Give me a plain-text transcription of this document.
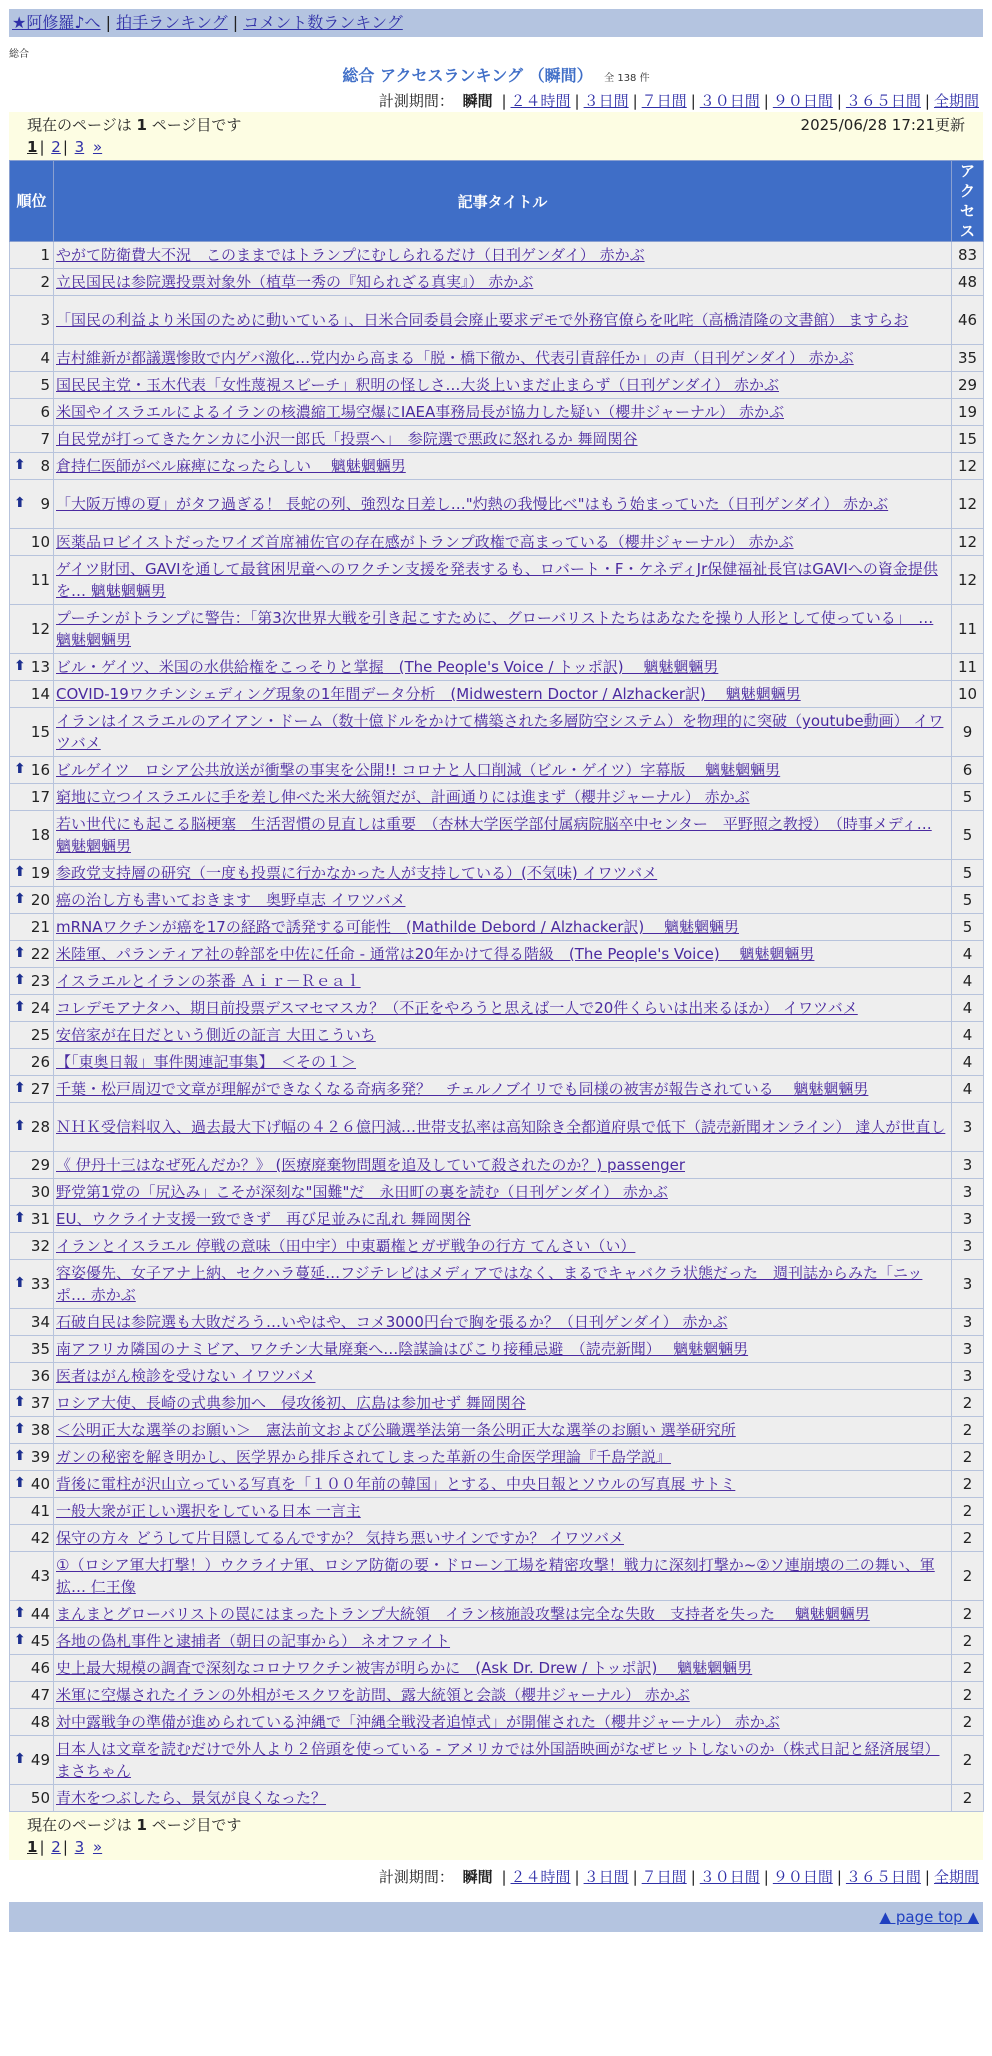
★阿修羅♪へ | 拍手ランキング | コメント数ランキング
総合
総合 アクセスランキング （瞬間） 全 138 件
計測期間： 瞬間 | ２４時間 | ３日間 | ７日間 | ３０日間 | ９０日間 | ３６５日間 | 全期間
現在のページは 1 ページ目です	2025/06/28 17:21更新
1 | 2 | 3 »
順位	記事タイトル	アクセス
1	やがて防衛費大不況　このままではトランプにむしられるだけ（日刊ゲンダイ） 赤かぶ	83
2	立民国民は参院選投票対象外（植草一秀の『知られざる真実』） 赤かぶ	48
3	「国民の利益より米国のために動いている」、日米合同委員会廃止要求デモで外務官僚らを叱咤（高橋清隆の文書館） ますらお	46
4	吉村維新が都議選惨敗で内ゲバ激化…党内から高まる「脱・橋下徹か、代表引責辞任か」の声（日刊ゲンダイ） 赤かぶ	35
5	国民民主党・玉木代表「女性蔑視スピーチ」釈明の怪しさ…大炎上いまだ止まらず（日刊ゲンダイ） 赤かぶ	29
6	米国やイスラエルによるイランの核濃縮工場空爆にIAEA事務局長が協力した疑い（櫻井ジャーナル） 赤かぶ	19
7	自民党が打ってきたケンカに小沢一郎氏「投票へ」　参院選で悪政に怒れるか 舞岡関谷	15

⬆ 8	倉持仁医師がベル麻痺になったらしい　 魑魅魍魎男	12

⬆ 9	「大阪万博の夏」がタフ過ぎる！ 長蛇の列、強烈な日差し…"灼熱の我慢比べ"はもう始まっていた（日刊ゲンダイ） 赤かぶ	12
10	医薬品ロビイストだったワイズ首席補佐官の存在感がトランプ政権で高まっている（櫻井ジャーナル） 赤かぶ	12
11	ゲイツ財団、GAVIを通して最貧困児童へのワクチン支援を発表するも、ロバート・F・ケネディJr保健福祉長官はGAVIへの資金提供を… 魑魅魍魎男	12
12	プーチンがトランプに警告：「第3次世界大戦を引き起こすために、グローバリストたちはあなたを操り人形として使っている」　… 魑魅魍魎男	11

⬆ 13	ビル・ゲイツ、米国の水供給権をこっそりと掌握　(The People's Voice / トッポ訳)　 魑魅魍魎男	11
14	COVID-19ワクチンシェディング現象の1年間データ分析　(Midwestern Doctor / Alzhacker訳)　 魑魅魍魎男	10
15	イランはイスラエルのアイアン・ドーム（数十億ドルをかけて構築された多層防空システム）を物理的に突破（youtube動画） イワツバメ	9

⬆ 16	ビルゲイツ　ロシア公共放送が衝撃の事実を公開!! コロナと人口削減（ビル・ゲイツ）字幕版　 魑魅魍魎男	6
17	窮地に立つイスラエルに手を差し伸べた米大統領だが、計画通りには進まず（櫻井ジャーナル） 赤かぶ	5
18	若い世代にも起こる脳梗塞　生活習慣の見直しは重要　（杏林大学医学部付属病院脳卒中センター　平野照之教授）　（時事メディ… 魑魅魍魎男	5

⬆ 19	参政党支持層の研究（一度も投票に行かなかった人が支持している）(不気味) イワツバメ	5

⬆ 20	癌の治し方も書いておきます　奥野卓志 イワツバメ	5
21	mRNAワクチンが癌を17の経路で誘発する可能性　(Mathilde Debord / Alzhacker訳)　 魑魅魍魎男	5

⬆ 22	米陸軍、パランティア社の幹部を中佐に任命 - 通常は20年かけて得る階級　(The People's Voice)　 魑魅魍魎男	4

⬆ 23	イスラエルとイランの茶番 Ａｉｒ－Ｒｅａｌ	4

⬆ 24	コレデモアナタハ、期日前投票デスマセマスカ？（不正をやろうと思えば一人で20件くらいは出来るほか） イワツバメ	4
25	安倍家が在日だという側近の証言 大田こういち	4
26	【「東奥日報」事件関連記事集】　＜その１＞	4

⬆ 27	千葉・松戸周辺で文章が理解ができなくなる奇病多発？　チェルノブイリでも同様の被害が報告されている　 魑魅魍魎男	4

⬆ 28	ＮＨＫ受信料収入、過去最大下げ幅の４２６億円減…世帯支払率は高知除き全都道府県で低下（読売新聞オンライン） 達人が世直し	3
29	《 伊丹十三はなぜ死んだか？》 (医療廃棄物問題を追及していて殺されたのか？) passenger	3
30	野党第1党の「尻込み」こそが深刻な"国難"だ　永田町の裏を読む（日刊ゲンダイ） 赤かぶ	3

⬆ 31	EU、ウクライナ支援一致できず　再び足並みに乱れ 舞岡関谷	3
32	イランとイスラエル 停戦の意味（田中宇）中東覇権とガザ戦争の行方 てんさい（い）	3

⬆ 33	容姿優先、女子アナ上納、セクハラ蔓延…フジテレビはメディアではなく、まるでキャバクラ状態だった　週刊誌からみた「ニッポ… 赤かぶ	3
34	石破自民は参院選も大敗だろう…いやはや、コメ3000円台で胸を張るか？（日刊ゲンダイ） 赤かぶ	3
35	南アフリカ隣国のナミビア、ワクチン大量廃棄へ…陰謀論はびこり接種忌避　（読売新聞）　 魑魅魍魎男	3
36	医者はがん検診を受けない イワツバメ	3

⬆ 37	ロシア大使、長崎の式典参加へ　侵攻後初、広島は参加せず 舞岡関谷	2

⬆ 38	＜公明正大な選挙のお願い＞　憲法前文および公職選挙法第一条公明正大な選挙のお願い 選挙研究所	2

⬆ 39	ガンの秘密を解き明かし、医学界から排斥されてしまった革新の生命医学理論『千島学説』	2

⬆ 40	背後に電柱が沢山立っている写真を「１００年前の韓国」とする、中央日報とソウルの写真展 サトミ	2
41	一般大衆が正しい選択をしている日本 一言主	2
42	保守の方々 どうして片目隠してるんですか？ 気持ち悪いサインですか？ イワツバメ	2
43	①（ロシア軍大打撃！）ウクライナ軍、ロシア防衛の要・ドローン工場を精密攻撃！戦力に深刻打撃か~②ソ連崩壊の二の舞い、軍拡… 仁王像	2

⬆ 44	まんまとグローバリストの罠にはまったトランプ大統領　イラン核施設攻撃は完全な失敗　支持者を失った　 魑魅魍魎男	2

⬆ 45	各地の偽札事件と逮捕者（朝日の記事から） ネオファイト	2
46	史上最大規模の調査で深刻なコロナワクチン被害が明らかに　(Ask Dr. Drew / トッポ訳)　 魑魅魍魎男	2
47	米軍に空爆されたイランの外相がモスクワを訪問、露大統領と会談（櫻井ジャーナル） 赤かぶ	2
48	対中露戦争の準備が進められている沖縄で「沖縄全戦没者追悼式」が開催された（櫻井ジャーナル） 赤かぶ	2

⬆ 49	日本人は文章を読むだけで外人より２倍頭を使っている - アメリカでは外国語映画がなぜヒットしないのか（株式日記と経済展望） まさちゃん	2
50	青木をつぶしたら、景気が良くなった？	2
現在のページは 1 ページ目です
1 | 2 | 3 »
計測期間： 瞬間 | ２４時間 | ３日間 | ７日間 | ３０日間 | ９０日間 | ３６５日間 | 全期間
▲ page top ▲
